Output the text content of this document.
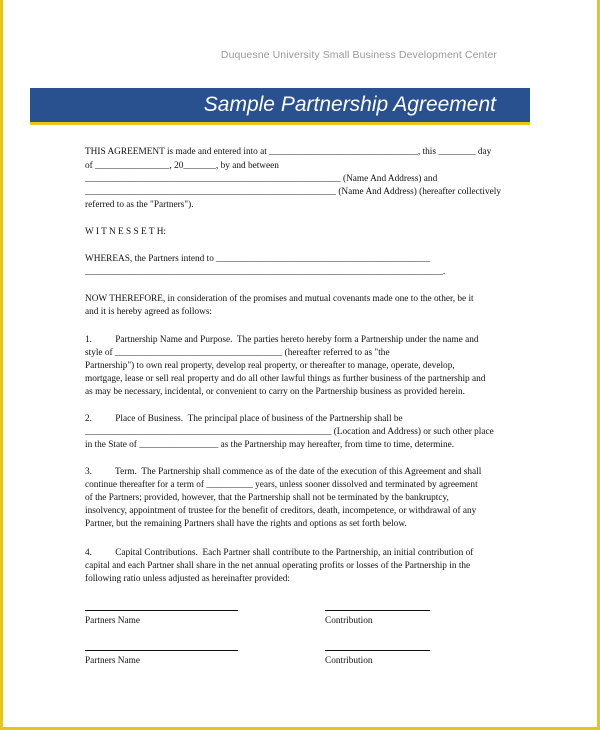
Duquesne University Small Business Development Center
Sample Partnership Agreement
THIS AGREEMENT is made and entered into at ________________________________, this ________ day
of ________________, 20_______, by and between
_______________________________________________________ (Name And Address) and
______________________________________________________ (Name And Address) (hereafter collectively
referred to as the "Partners").
W I T N E S S E T H:
WHEREAS, the Partners intend to ______________________________________________
_____________________________________________________________________________.
NOW THEREFORE, in consideration of the promises and mutual covenants made one to the other, be it
and it is hereby agreed as follows:
1.          Partnership Name and Purpose.  The parties hereto hereby form a Partnership under the name and
style of ____________________________________ (hereafter referred to as "the
Partnership") to own real property, develop real property, or thereafter to manage, operate, develop,
mortgage, lease or sell real property and do all other lawful things as further business of the partnership and
as may be necessary, incidental, or convenient to carry on the Partnership business as provided herein.
2.          Place of Business.  The principal place of business of the Partnership shall be
_____________________________________________________ (Location and Address) or such other place
in the State of _________________ as the Partnership may hereafter, from time to time, determine.
3.          Term.  The Partnership shall commence as of the date of the execution of this Agreement and shall
continue thereafter for a term of __________ years, unless sooner dissolved and terminated by agreement
of the Partners; provided, however, that the Partnership shall not be terminated by the bankruptcy,
insolvency, appointment of trustee for the benefit of creditors, death, incompetence, or withdrawal of any
Partner, but the remaining Partners shall have the rights and options as set forth below.
4.          Capital Contributions.  Each Partner shall contribute to the Partnership, an initial contribution of
capital and each Partner shall share in the net annual operating profits or losses of the Partnership in the
following ratio unless adjusted as hereinafter provided:
Partners Name	Contribution
Partners Name	Contribution
